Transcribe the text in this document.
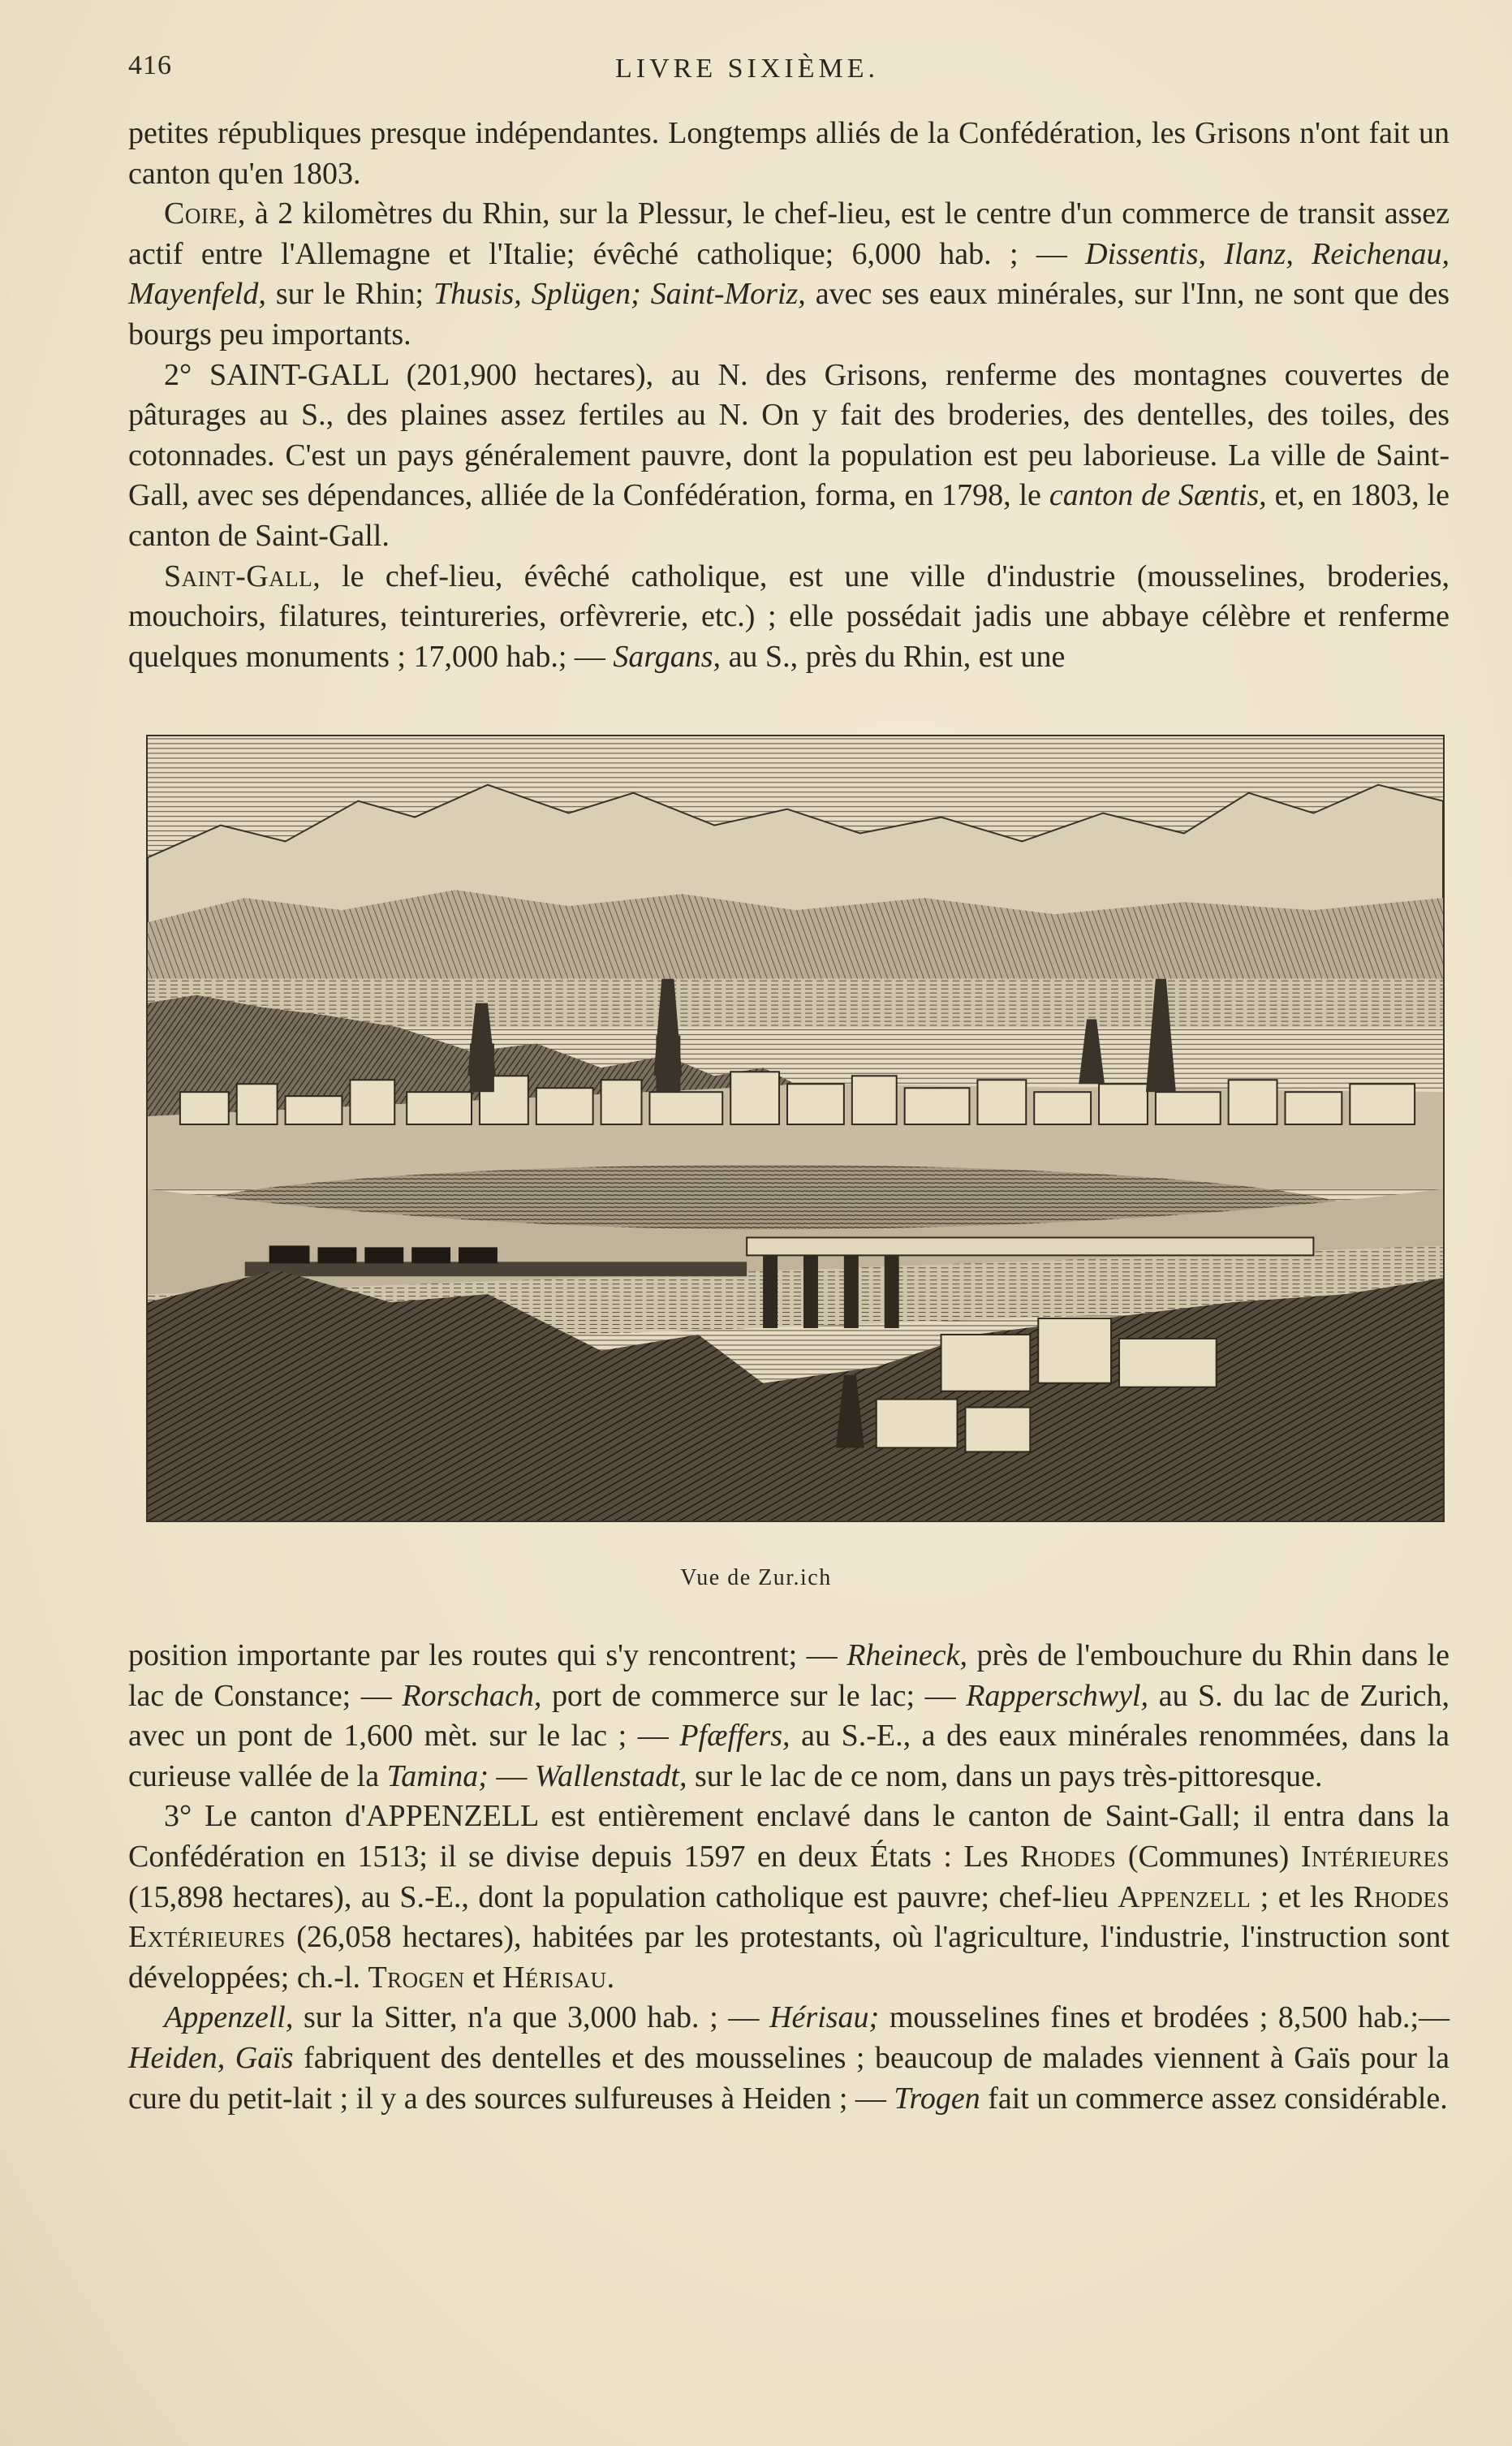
416	LIVRE SIXIÈME.

petites républiques presque indépendantes. Longtemps alliés de la Confédération, les Grisons n'ont fait un canton qu'en 1803.

Coire, à 2 kilomètres du Rhin, sur la Plessur, le chef-lieu, est le centre d'un commerce de transit assez actif entre l'Allemagne et l'Italie; évêché catholique; 6,000 hab. ; — Dissentis, Ilanz, Reichenau, Mayenfeld, sur le Rhin; Thusis, Splügen; Saint-Moriz, avec ses eaux minérales, sur l'Inn, ne sont que des bourgs peu importants.

2° SAINT-GALL (201,900 hectares), au N. des Grisons, renferme des montagnes couvertes de pâturages au S., des plaines assez fertiles au N. On y fait des broderies, des dentelles, des toiles, des cotonnades. C'est un pays généralement pauvre, dont la population est peu laborieuse. La ville de Saint-Gall, avec ses dépendances, alliée de la Confédération, forma, en 1798, le canton de Sæntis, et, en 1803, le canton de Saint-Gall.

Saint-Gall, le chef-lieu, évêché catholique, est une ville d'industrie (mousselines, broderies, mouchoirs, filatures, teintureries, orfèvrerie, etc.) ; elle possédait jadis une abbaye célèbre et renferme quelques monuments ; 17,000 hab.; — Sargans, au S., près du Rhin, est une

Vue de Zur.ich

position importante par les routes qui s'y rencontrent; — Rheineck, près de l'embouchure du Rhin dans le lac de Constance; — Rorschach, port de commerce sur le lac; — Rapperschwyl, au S. du lac de Zurich, avec un pont de 1,600 mèt. sur le lac ; — Pfæffers, au S.-E., a des eaux minérales renommées, dans la curieuse vallée de la Tamina; — Wallenstadt, sur le lac de ce nom, dans un pays très-pittoresque.

3° Le canton d'APPENZELL est entièrement enclavé dans le canton de Saint-Gall; il entra dans la Confédération en 1513; il se divise depuis 1597 en deux États : Les Rhodes (Communes) Intérieures (15,898 hectares), au S.-E., dont la population catholique est pauvre; chef-lieu Appenzell ; et les Rhodes Extérieures (26,058 hectares), habitées par les protestants, où l'agriculture, l'industrie, l'instruction sont développées; ch.-l. Trogen et Hérisau.

Appenzell, sur la Sitter, n'a que 3,000 hab. ; — Hérisau; mousselines fines et brodées ; 8,500 hab.;—Heiden, Gaïs fabriquent des dentelles et des mousselines ; beaucoup de malades viennent à Gaïs pour la cure du petit-lait ; il y a des sources sulfureuses à Heiden ; — Trogen fait un commerce assez considérable.
